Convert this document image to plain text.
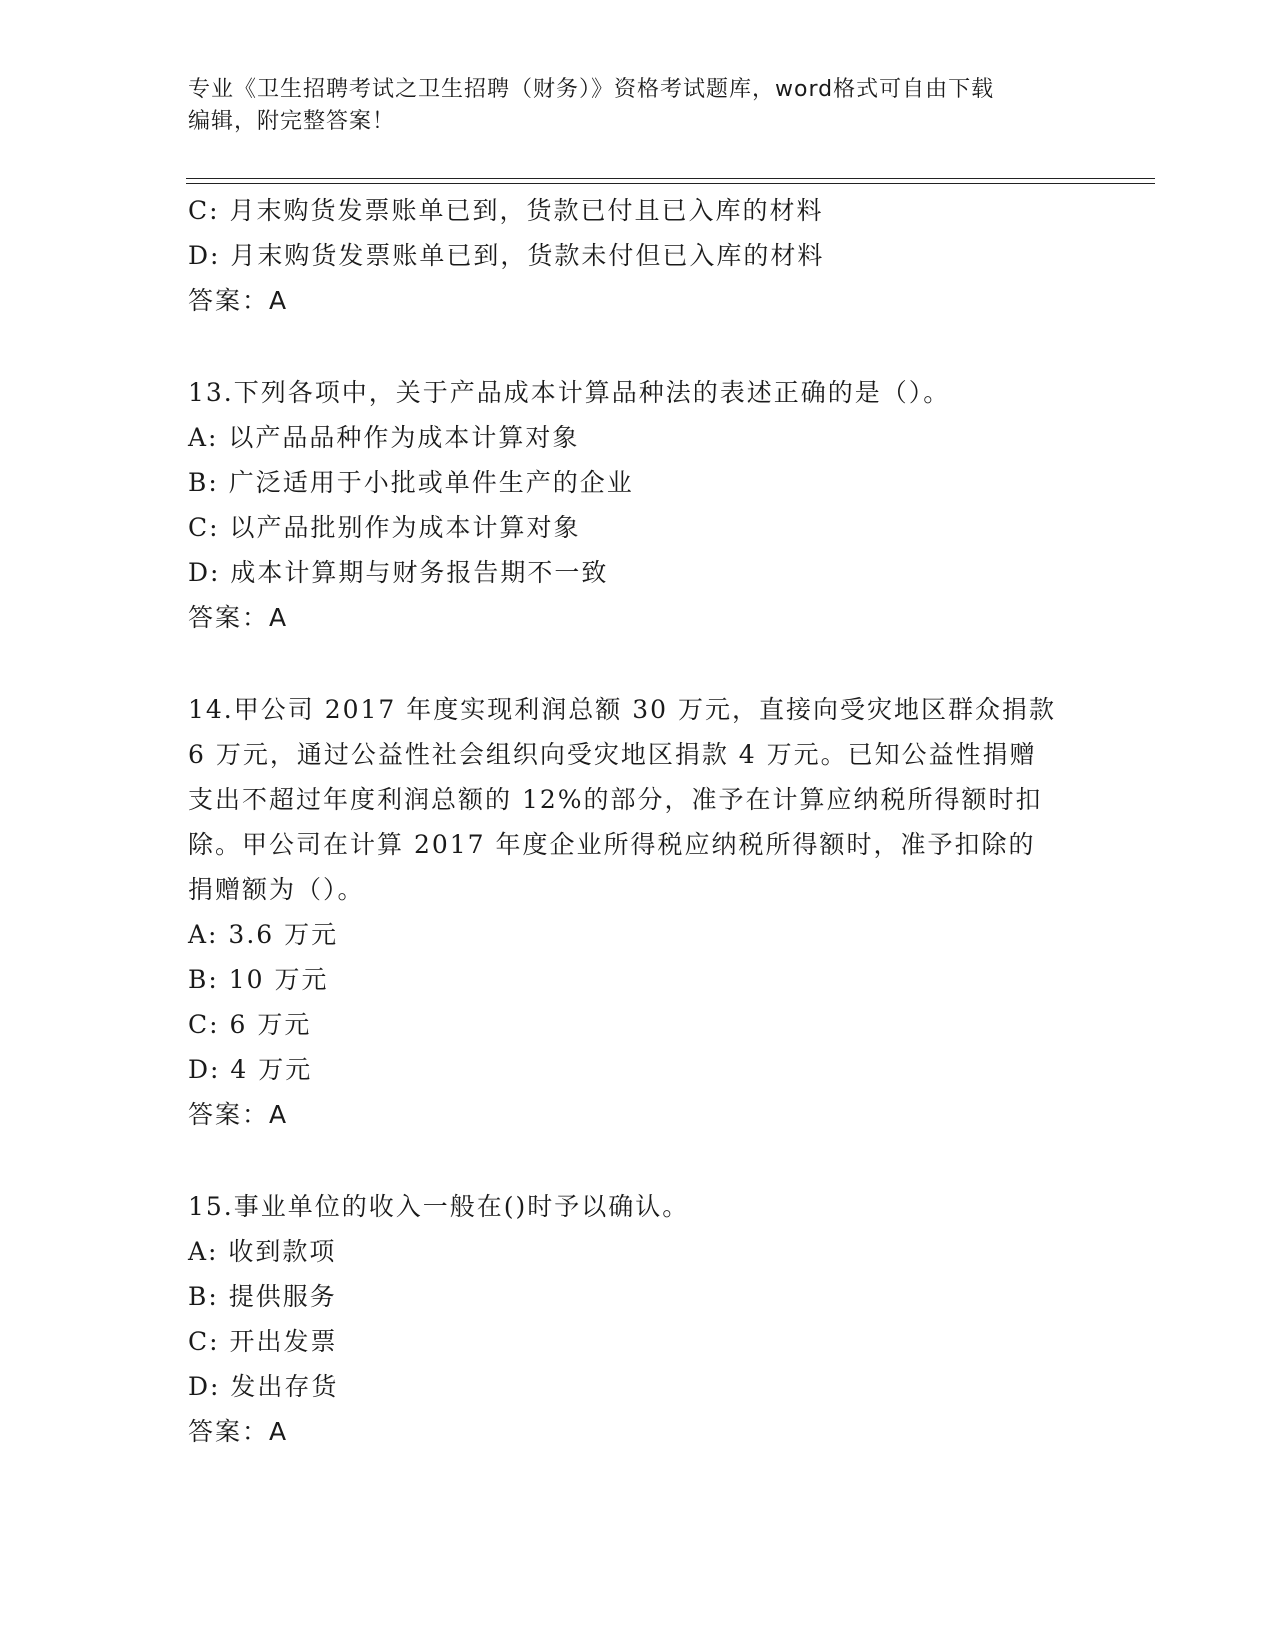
专业《卫生招聘考试之卫生招聘（财务）》资格考试题库，word格式可自由下载
编辑，附完整答案！
C: 月末购货发票账单已到，货款已付且已入库的材料
D: 月末购货发票账单已到，货款未付但已入库的材料
答案：A
13.下列各项中，关于产品成本计算品种法的表述正确的是（）。
A: 以产品品种作为成本计算对象
B: 广泛适用于小批或单件生产的企业
C: 以产品批别作为成本计算对象
D: 成本计算期与财务报告期不一致
答案：A
14.甲公司 2017 年度实现利润总额 30 万元，直接向受灾地区群众捐款
6 万元，通过公益性社会组织向受灾地区捐款 4 万元。已知公益性捐赠
支出不超过年度利润总额的 12%的部分，准予在计算应纳税所得额时扣
除。甲公司在计算 2017 年度企业所得税应纳税所得额时，准予扣除的
捐赠额为（）。
A: 3.6 万元
B: 10 万元
C: 6 万元
D: 4 万元
答案：A
15.事业单位的收入一般在()时予以确认。
A: 收到款项
B: 提供服务
C: 开出发票
D: 发出存货
答案：A
